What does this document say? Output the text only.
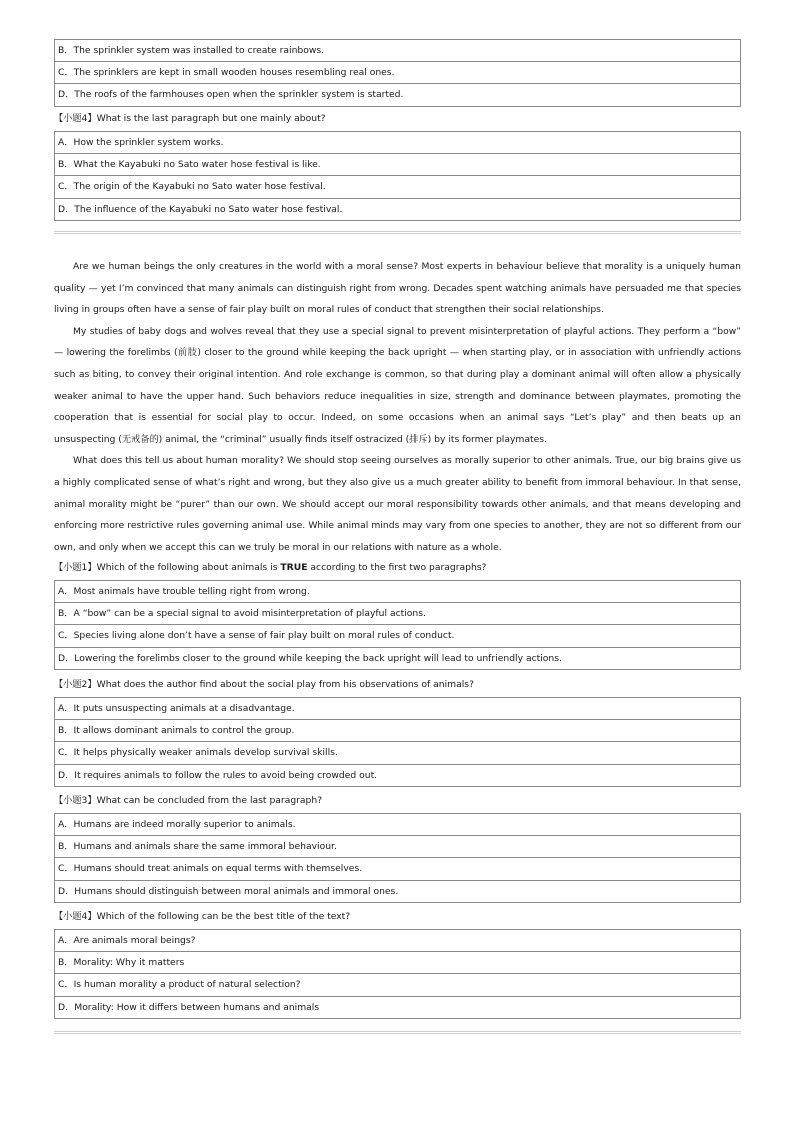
B．The sprinkler system was installed to create rainbows.
C．The sprinklers are kept in small wooden houses resembling real ones.
D．The roofs of the farmhouses open when the sprinkler system is started.
【小题4】What is the last paragraph but one mainly about?
A．How the sprinkler system works.
B．What the Kayabuki no Sato water hose festival is like.
C．The origin of the Kayabuki no Sato water hose festival.
D．The influence of the Kayabuki no Sato water hose festival.

Are we human beings the only creatures in the world with a moral sense? Most experts in behaviour believe that morality is a uniquely human quality — yet I’m convinced that many animals can distinguish right from wrong. Decades spent watching animals have persuaded me that species living in groups often have a sense of fair play built on moral rules of conduct that strengthen their social relationships.

My studies of baby dogs and wolves reveal that they use a special signal to prevent misinterpretation of playful actions. They perform a “bow” — lowering the forelimbs (前肢) closer to the ground while keeping the back upright — when starting play, or in association with unfriendly actions such as biting, to convey their original intention. And role exchange is common, so that during play a dominant animal will often allow a physically weaker animal to have the upper hand. Such behaviors reduce inequalities in size, strength and dominance between playmates, promoting the cooperation that is essential for social play to occur. Indeed, on some occasions when an animal says “Let’s play” and then beats up an unsuspecting (无戒备的) animal, the “criminal” usually finds itself ostracized (排斥) by its former playmates.

What does this tell us about human morality? We should stop seeing ourselves as morally superior to other animals. True, our big brains give us a highly complicated sense of what’s right and wrong, but they also give us a much greater ability to benefit from immoral behaviour. In that sense, animal morality might be “purer” than our own. We should accept our moral responsibility towards other animals, and that means developing and enforcing more restrictive rules governing animal use. While animal minds may vary from one species to another, they are not so different from our own, and only when we accept this can we truly be moral in our relations with nature as a whole.

【小题1】Which of the following about animals is TRUE according to the first two paragraphs?
A．Most animals have trouble telling right from wrong.
B．A “bow” can be a special signal to avoid misinterpretation of playful actions.
C．Species living alone don’t have a sense of fair play built on moral rules of conduct.
D．Lowering the forelimbs closer to the ground while keeping the back upright will lead to unfriendly actions.
【小题2】What does the author find about the social play from his observations of animals?
A．It puts unsuspecting animals at a disadvantage.
B．It allows dominant animals to control the group.
C．It helps physically weaker animals develop survival skills.
D．It requires animals to follow the rules to avoid being crowded out.
【小题3】What can be concluded from the last paragraph?
A．Humans are indeed morally superior to animals.
B．Humans and animals share the same immoral behaviour.
C．Humans should treat animals on equal terms with themselves.
D．Humans should distinguish between moral animals and immoral ones.
【小题4】Which of the following can be the best title of the text?
A．Are animals moral beings?
B．Morality: Why it matters
C．Is human morality a product of natural selection?
D．Morality: How it differs between humans and animals
